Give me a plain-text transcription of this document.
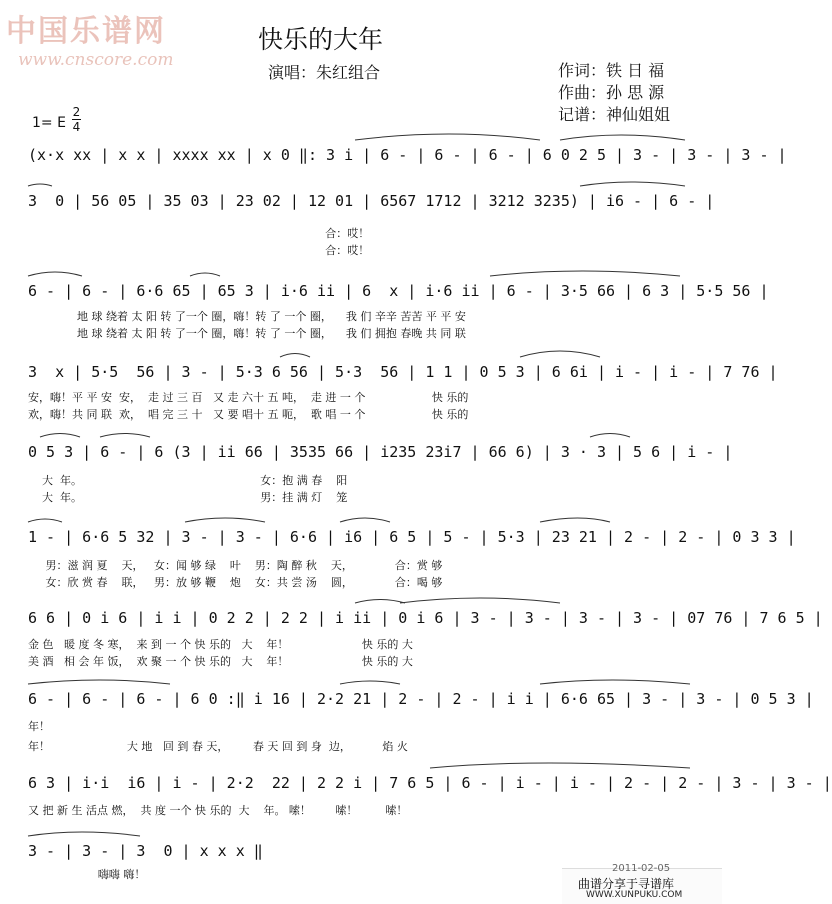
中国乐谱网
www.cnscore.com
快乐的大年
演唱：朱红组合	作词：铁 日 福
作曲：孙 思 源
记谱：神仙姐姐
1= E
2
4
(x·x xx | x x | xxxx xx | x 0 ‖: 3 i | 6 - | 6 - | 6 - | 6 0 2 5 | 3 - | 3 - | 3 - |
3  0 | 56 05 | 35 03 | 23 02 | 12 01 | 6567 1712 | 3212 3235) | i6 - | 6 - |
合：哎！
合：哎！
6 - | 6 - | 6·6 65 | 65 3 | i·6 ii | 6  x | i·6 ii | 6 - | 3·5 66 | 6 3 | 5·5 56 |
地 球 绕着 太 阳 转 了一个 圈，嗨！转 了 一个 圈，    我 们 辛辛 苦苦 平 平 安
地 球 绕着 太 阳 转 了一个 圈，嗨！转 了 一个 圈，    我 们 拥抱 春晚 共 同 联
3  x | 5·5  56 | 3 - | 5·3 6 56 | 5·3  56 | 1 1 | 0 5 3 | 6 6i | i - | i - | 7 76 |
安，嗨！平 平 安  安，  走 过 三 百   又 走 六十 五 吨，  走 进 一 个                   快 乐的
欢，嗨！共 同 联  欢，  唱 完 三 十   又 要 唱十 五 呃，  歌 唱 一 个                   快 乐的
0 5 3 | 6 - | 6 (3 | ii 66 | 3535 66 | i235 23i7 | 66 6) | 3 · 3 | 5 6 | i - |
大  年。                                                   女：抱 满 春    阳
大  年。                                                   男：挂 满 灯    笼
1 - | 6·6 5 32 | 3 - | 3 - | 6·6 | i6 | 6 5 | 5 - | 5·3 | 23 21 | 2 - | 2 - | 0 3 3 |
男：滋 润 夏    天，   女：闻 够 绿    叶    男：陶 醉 秋    天，            合：赏 够
女：欣 赏 春    联，   男：放 够 鞭    炮    女：共 尝 汤    圆，            合：喝 够
6 6 | 0 i 6 | i i | 0 2 2 | 2 2 | i ii | 0 i 6 | 3 - | 3 - | 3 - | 3 - | 07 76 | 7 6 5 |
金 色   暖 度 冬 寒，  来 到 一 个 快 乐的   大    年！                     快 乐的 大
美 酒   相 会 年 饭，  欢 聚 一 个 快 乐的   大    年！                     快 乐的 大
6 - | 6 - | 6 - | 6 0 :‖ i 16 | 2·2 21 | 2 - | 2 - | i i | 6·6 65 | 3 - | 3 - | 0 5 3 |
年！
年！                      大 地   回 到 春 天，       春 天 回 到 身  边，         焰 火
6 3 | i·i  i6 | i - | 2·2  22 | 2 2 i | 7 6 5 | 6 - | i - | i - | 2 - | 2 - | 3 - | 3 - |
又 把 新 生 活点 燃，  共 度 一个 快 乐的  大    年。 嗦！       嗦！        嗦！
3 - | 3 - | 3  0 | x x x ‖
嗨嗨 嗨！	2011-02-05
曲谱分享于寻谱库
WWW.XUNPUKU.COM
